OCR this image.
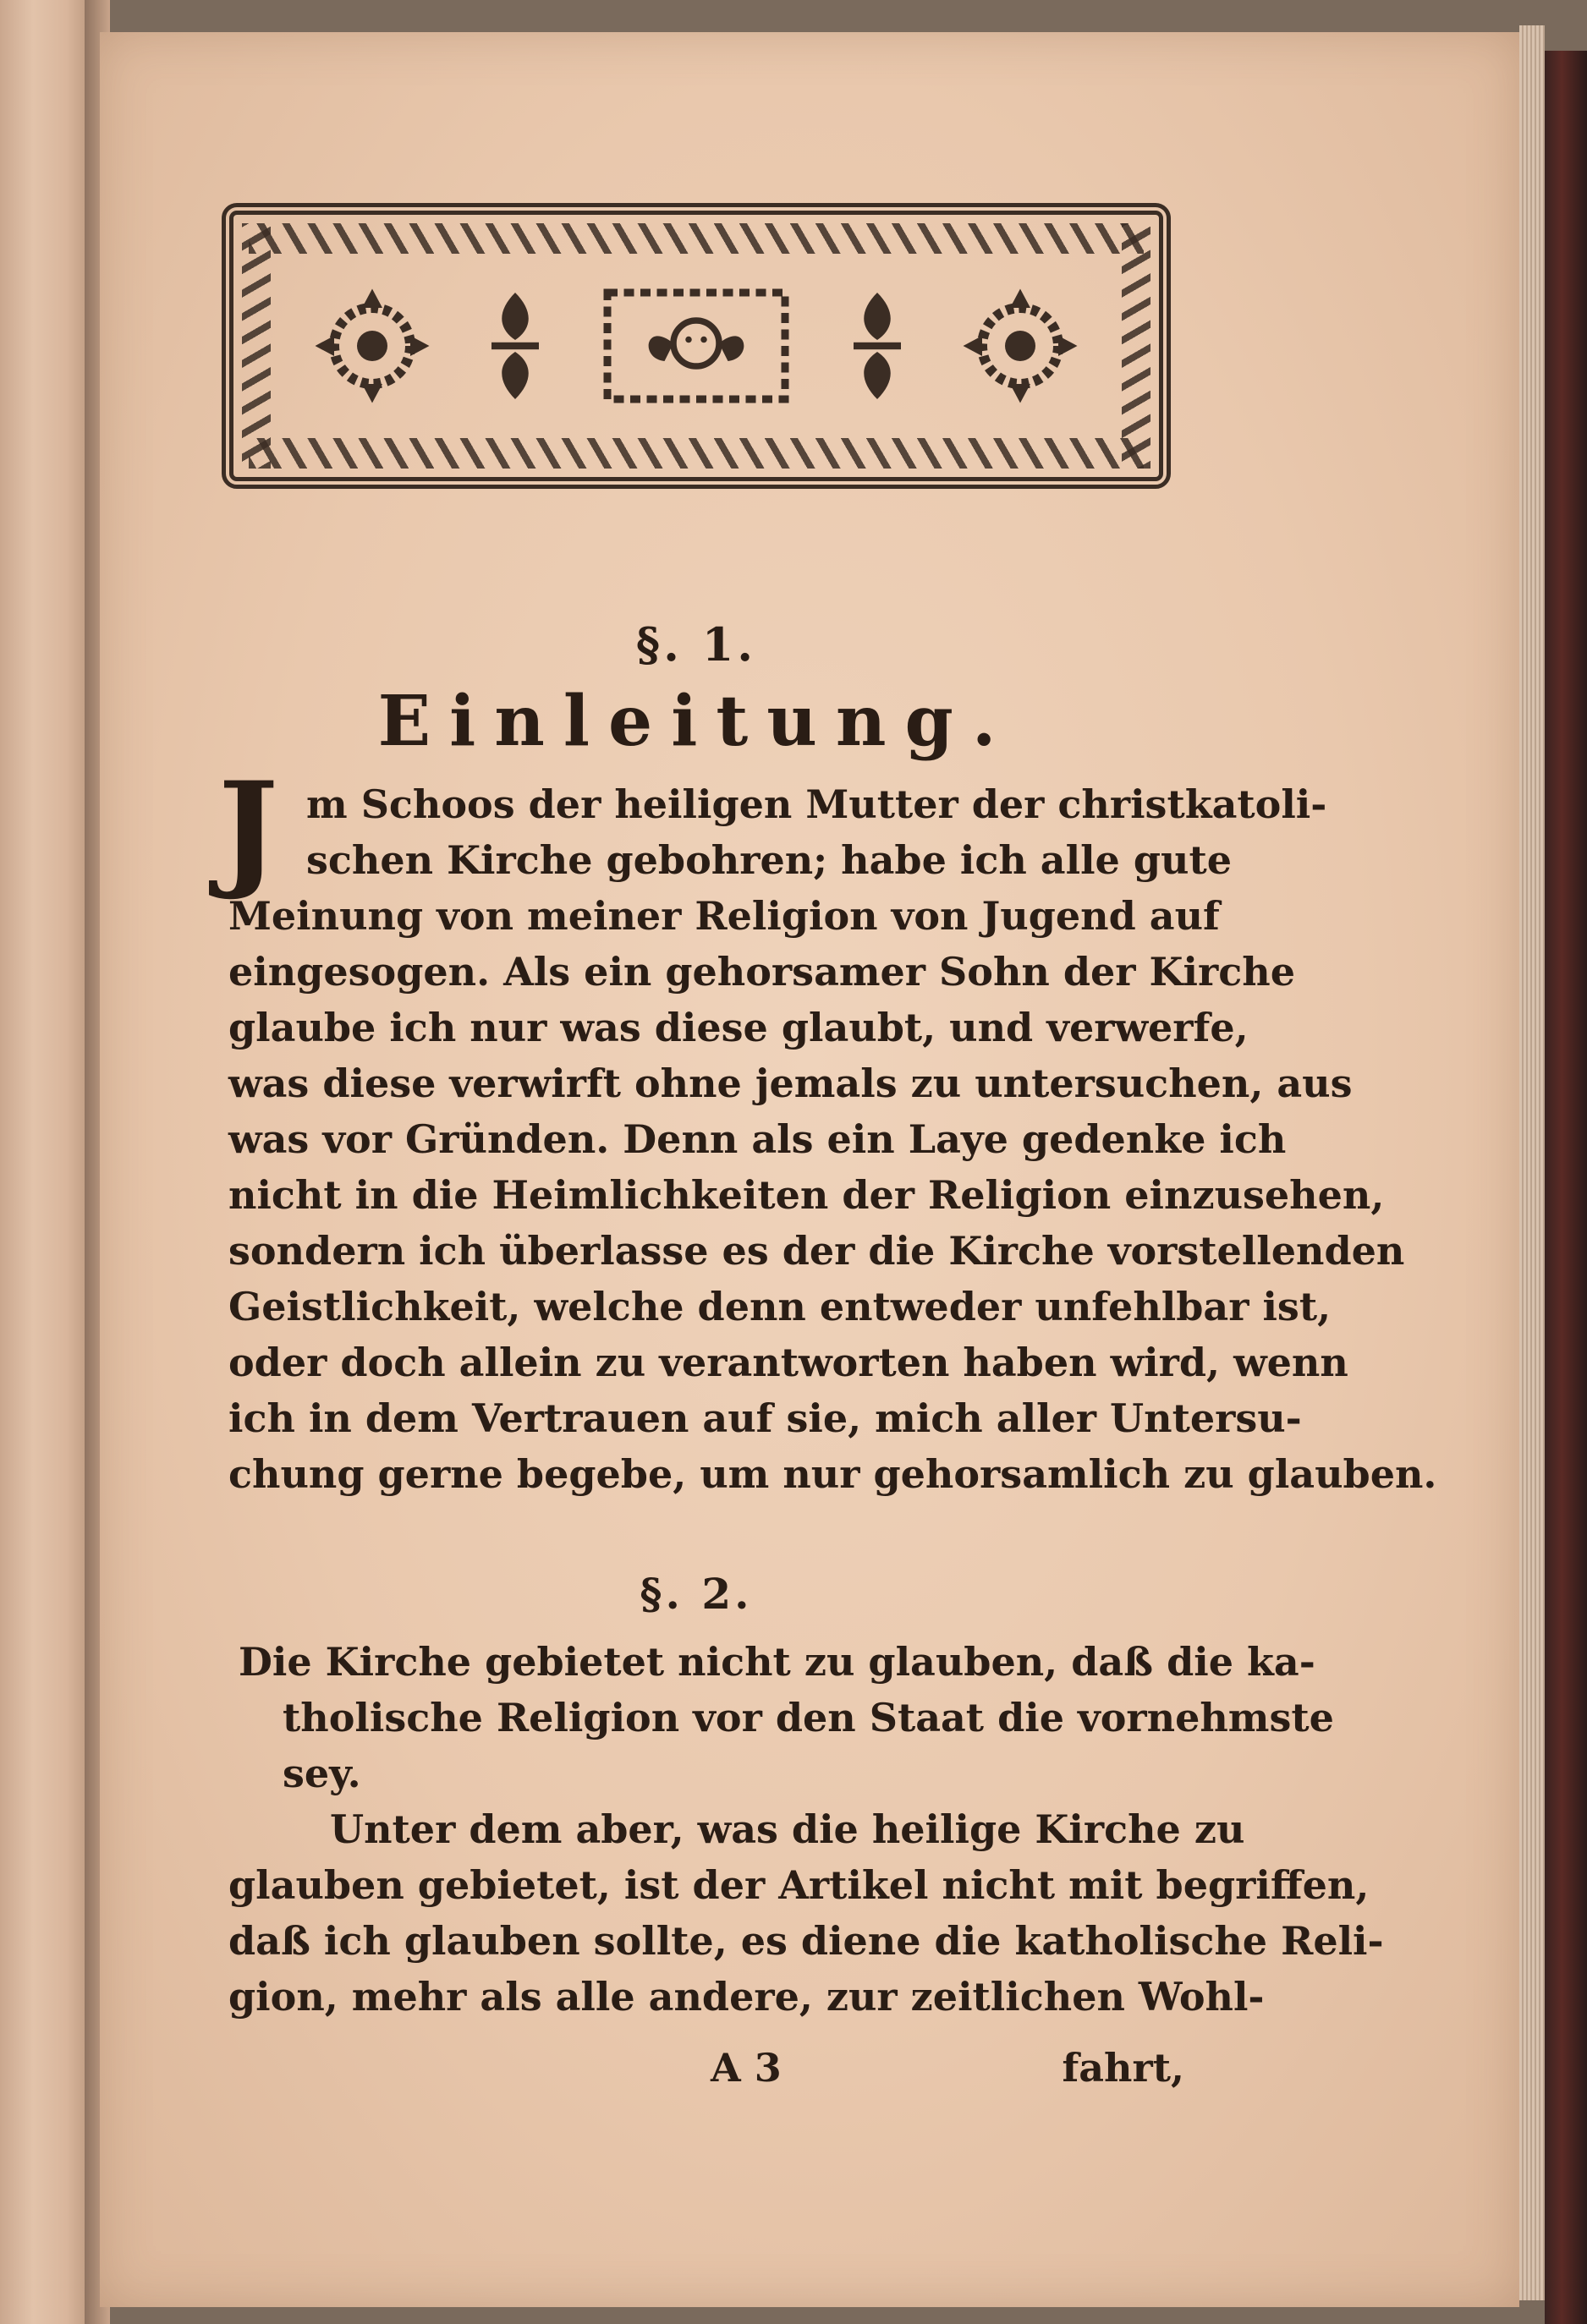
§. 1.
Einleitung.
J m Schoos der heiligen Mutter der christkatoli-
schen Kirche gebohren; habe ich alle gute
Meinung von meiner Religion von Jugend auf
eingesogen. Als ein gehorsamer Sohn der Kirche
glaube ich nur was diese glaubt, und verwerfe,
was diese verwirft ohne jemals zu untersuchen, aus
was vor Gründen. Denn als ein Laye gedenke ich
nicht in die Heimlichkeiten der Religion einzusehen,
sondern ich überlasse es der die Kirche vorstellenden
Geistlichkeit, welche denn entweder unfehlbar ist,
oder doch allein zu verantworten haben wird, wenn
ich in dem Vertrauen auf sie, mich aller Untersu-
chung gerne begebe, um nur gehorsamlich zu glauben.
§. 2.
Die Kirche gebietet nicht zu glauben, daß die ka-
tholische Religion vor den Staat die vornehmste
sey.
Unter dem aber, was die heilige Kirche zu
glauben gebietet, ist der Artikel nicht mit begriffen,
daß ich glauben sollte, es diene die katholische Reli-
gion, mehr als alle andere, zur zeitlichen Wohl-
A 3	fahrt,
